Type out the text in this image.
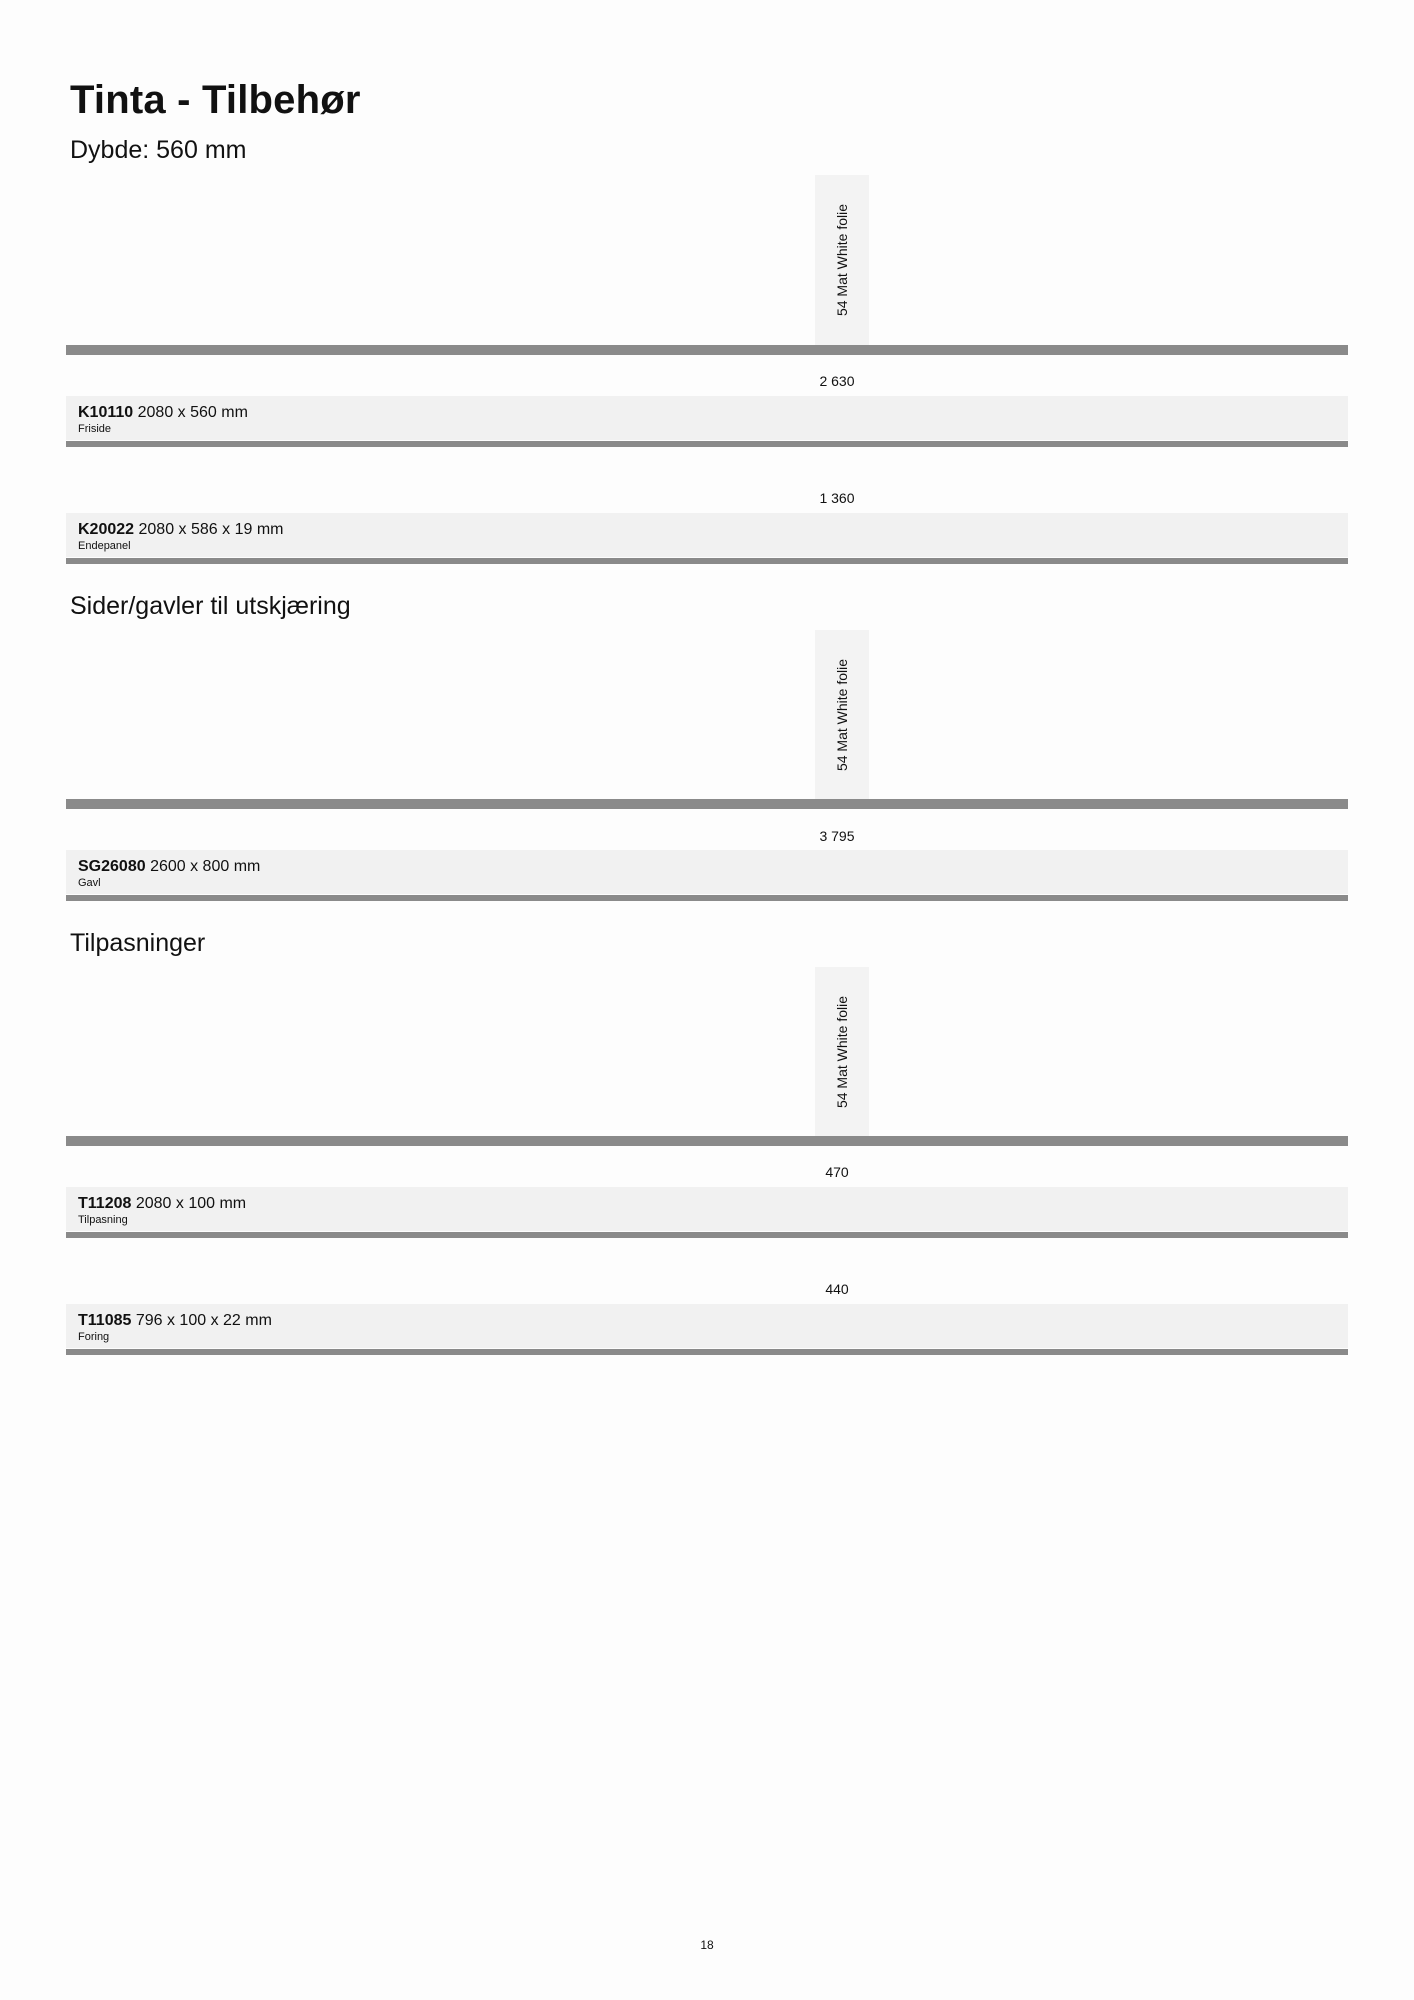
Tinta - Tilbehør
Dybde: 560 mm
54 Mat White folie
2 630
K10110 2080 x 560 mm
Friside
1 360
K20022 2080 x 586 x 19 mm
Endepanel
Sider/gavler til utskjæring
54 Mat White folie
3 795
SG26080 2600 x 800 mm
Gavl
Tilpasninger
54 Mat White folie
470
T11208 2080 x 100 mm
Tilpasning
440
T11085 796 x 100 x 22 mm
Foring
18
